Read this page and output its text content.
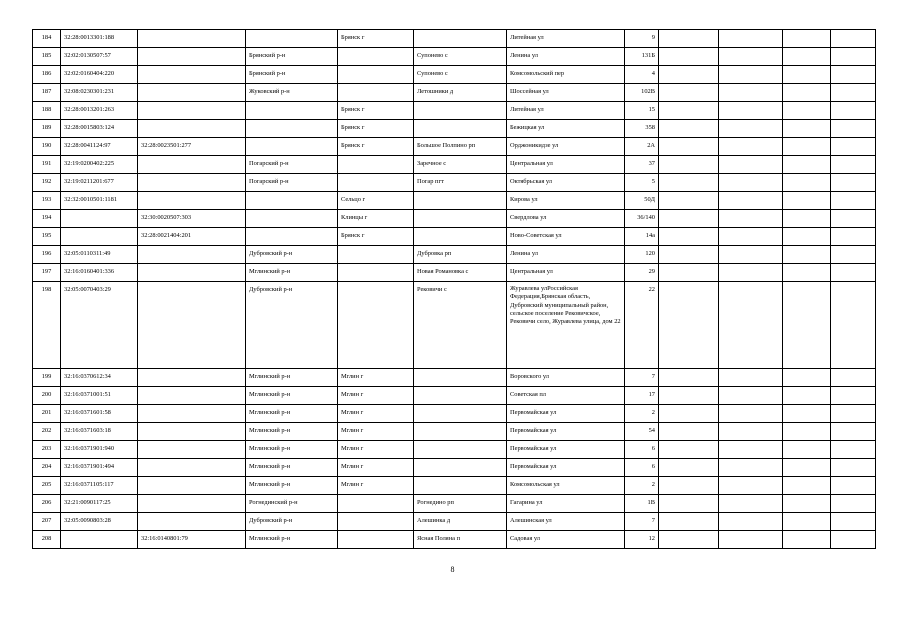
184	32:28:0013301:188			Брянск г		Литейная ул	9				
185	32:02:0130507:57		Брянский р-н		Супонево с	Ленина ул	131Б				
186	32:02:0160404:220		Брянский р-н		Супонево с	Комсомольский пер	4				
187	32:08:0230301:231		Жуковский р-н		Летошники д	Шоссейная ул	102В				
188	32:28:0013201:263			Брянск г		Литейная ул	15				
189	32:28:0015803:124			Брянск г		Бежицкая ул	358				
190	32:28:0041124:97	32:28:0023501:277		Брянск г	Большое Полпино рп	Орджоникидзе ул	2А				
191	32:19:0200402:225		Погарский р-н		Заречное с	Центральная ул	37				
192	32:19:0211201:677		Погарский р-н		Погар пгт	Октябрьская ул	5				
193	32:32:0010501:1181			Сельцо г		Кирова ул	50Д				
194		32:30:0020507:303		Клинцы г		Свердлова ул	36/140				
195		32:28:0021404:201		Брянск г		Ново-Советская ул	14а				
196	32:05:0110311:49		Дубровский р-н		Дубровка рп	Ленина ул	120				
197	32:16:0160401:336		Мглинский р-н		Новая Романовка с	Центральная ул	29				
198	32:05:0070403:29		Дубровский р-н		Рековичи с	Журавлева улРоссийская Федерация,Брянская область, Дубровский муниципальный район, сельское поселение Рековичское, Рековичи село, Журавлева улица, дом 22	22				
199	32:16:0370612:34		Мглинский р-н	Мглин г		Воровского ул	7				
200	32:16:0371001:51		Мглинский р-н	Мглин г		Советская пл	17				
201	32:16:0371601:58		Мглинский р-н	Мглин г		Первомайская ул	2				
202	32:16:0371603:18		Мглинский р-н	Мглин г		Первомайская ул	54				
203	32:16:0371901:940		Мглинский р-н	Мглин г		Первомайская ул	6				
204	32:16:0371901:494		Мглинский р-н	Мглин г		Первомайская ул	6				
205	32:16:0371105:117		Мглинский р-н	Мглин г		Комсомольская ул	2				
206	32:21:0090117:25		Рогнединский р-н		Рогнедино рп	Гагарина ул	1В				
207	32:05:0090803:28		Дубровский р-н		Алешинка д	Алешинская ул	7				
208		32:16:0140801:79	Мглинский р-н		Ясная Поляна п	Садовая ул	12				
8
